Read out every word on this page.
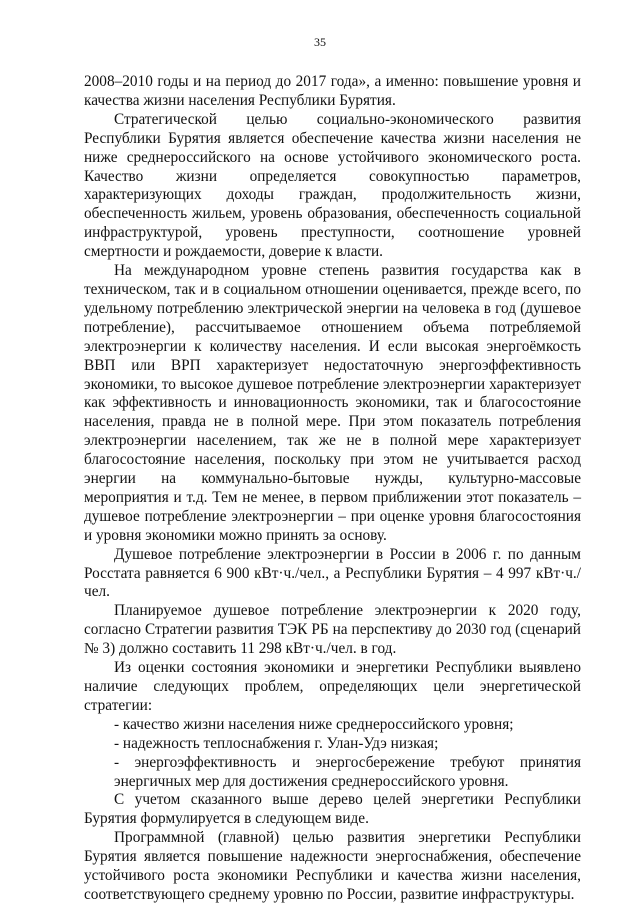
35

2008–2010 годы и на период до 2017 года», а именно: повышение уровня и качества жизни населения Республики Бурятия.

Стратегической целью социально-экономического развития Республики Бурятия является обеспечение качества жизни населения не ниже среднероссийского на основе устойчивого экономического роста. Качество жизни определяется совокупностью параметров, характеризующих доходы граждан, продолжительность жизни, обеспеченность жильем, уровень образования, обеспеченность социальной инфраструктурой, уровень преступности, соотношение уровней смертности и рождаемости, доверие к власти.

На международном уровне степень развития государства как в техническом, так и в социальном отношении оценивается, прежде всего, по удельному потреблению электрической энергии на человека в год (душевое потребление), рассчитываемое отношением объема потребляемой электроэнергии к количеству населения. И если высокая энергоёмкость ВВП или ВРП характеризует недостаточную энергоэффективность экономики, то высокое душевое потребление электроэнергии характеризует как эффективность и инновационность экономики, так и благосостояние населения, правда не в полной мере. При этом показатель потребления электроэнергии населением, так же не в полной мере характеризует благосостояние населения, поскольку при этом не учитывается расход энергии на коммунально-бытовые нужды, культурно-массовые мероприятия и т.д. Тем не менее, в первом приближении этот показатель – душевое потребление электроэнергии – при оценке уровня благосостояния и уровня экономики можно принять за основу.

Душевое потребление электроэнергии в России в 2006 г. по данным Росстата равняется 6 900 кВт·ч./чел., а Республики Бурятия – 4 997 кВт·ч./чел.

Планируемое душевое потребление электроэнергии к 2020 году, согласно Стратегии развития ТЭК РБ на перспективу до 2030 год (сценарий № 3) должно составить 11 298 кВт·ч./чел. в год.

Из оценки состояния экономики и энергетики Республики выявлено наличие следующих проблем, определяющих цели энергетической стратегии:

- качество жизни населения ниже среднероссийского уровня;
- надежность теплоснабжения г. Улан-Удэ низкая;
- энергоэффективность и энергосбережение требуют принятия энергичных мер для достижения среднероссийского уровня.

С учетом сказанного выше дерево целей энергетики Республики Бурятия формулируется в следующем виде.

Программной (главной) целью развития энергетики Республики Бурятия является повышение надежности энергоснабжения, обеспечение устойчивого роста экономики Республики и качества жизни населения, соответствующего среднему уровню по России, развитие инфраструктуры.
